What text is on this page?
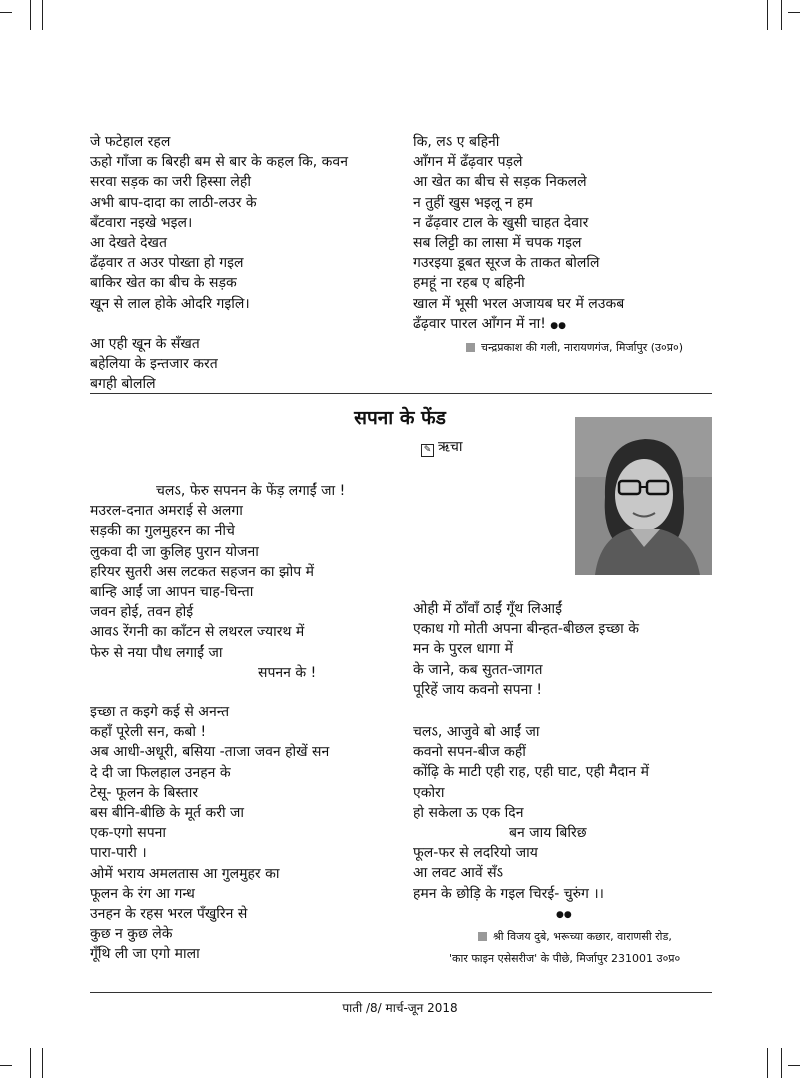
जे फटेहाल रहल
ऊहो गाँजा क बिरही बम से बार के कहल कि, कवन
सरवा सड़क का जरी हिस्सा लेही
अभी बाप-दादा का लाठी-लउर के
बँटवारा नइखे भइल।
आ देखते देखत
ढँढ़वार त अउर पोख्ता हो गइल
बाकिर खेत का बीच के सड़क
खून से लाल होके ओदरि गइलि।
आ एही खून के सँखत
बहेलिया के इन्तजार करत
बगही बोललि
कि, लऽ ए बहिनी
आँगन में ढँढ़वार पड़ले
आ खेत का बीच से सड़क निकलले
न तुहीं खुस भइलू न हम
न ढँढ़वार टाल के खुसी चाहत देवार
सब लिट्टी का लासा में चपक गइल
गउरइया डूबत सूरज के ताकत बोललि
हमहूं ना रहब ए बहिनी
खाल में भूसी भरल अजायब घर में लउकब
ढँढ़वार पारल आँगन में ना! ●●
चन्द्रप्रकाश की गली, नारायणगंज, मिर्जापुर (उ०प्र०)
सपना के फेंड
✎ ऋचा
चलऽ, फेरु सपनन के फेंड़ लगाईं जा !
मउरल-दनात अमराई से अलगा
सड़की का गुलमुहरन का नीचे
लुकवा दी जा कुलिह पुरान योजना
हरियर सुतरी अस लटकत सहजन का झोप में
बान्हि आईं जा आपन चाह-चिन्ता
जवन होई, तवन होई
आवऽ रेंगनी का काँटन से लथरल ज्यारथ में
फेरु से नया पौध लगाईं जा
सपनन के !
इच्छा त कइगे कई से अनन्त
कहाँ पूरेली सन, कबो !
अब आधी-अधूरी, बसिया -ताजा जवन होखें सन
दे दी जा फिलहाल उनहन के
टेसू- फूलन के बिस्तार
बस बीनि-बीछि के मूर्त करी जा
एक-एगो सपना
पारा-पारी ।
ओमें भराय अमलतास आ गुलमुहर का
फूलन के रंग आ गन्ध
उनहन के रहस भरल पँखुरिन से
कुछ न कुछ लेके
गूँथि ली जा एगो माला
ओही में ठाँवाँ ठाईं गूँथ लिआईं
एकाध गो मोती अपना बीन्हत-बीछल इच्छा के
मन के पुरल धागा में
के जाने, कब सुतत-जागत
पूरिहें जाय कवनो सपना !
चलऽ, आजुवे बो आईं जा
कवनो सपन-बीज कहीं
कोंढ़ि के माटी एही राह, एही घाट, एही मैदान में
एकोरा
हो सकेला ऊ एक दिन
बन जाय बिरिछ
फूल-फर से लदरियो जाय
आ लवट आवें सँऽ
हमन के छोड़ि के गइल चिरई- चुरुंग ।।
●●
श्री विजय दुबे, भरूच्या कछार, वाराणसी रोड,
'कार फाइन एसेसरीज' के पीछे, मिर्जापुर 231001 उ०प्र०
पाती /8/ मार्च-जून 2018
